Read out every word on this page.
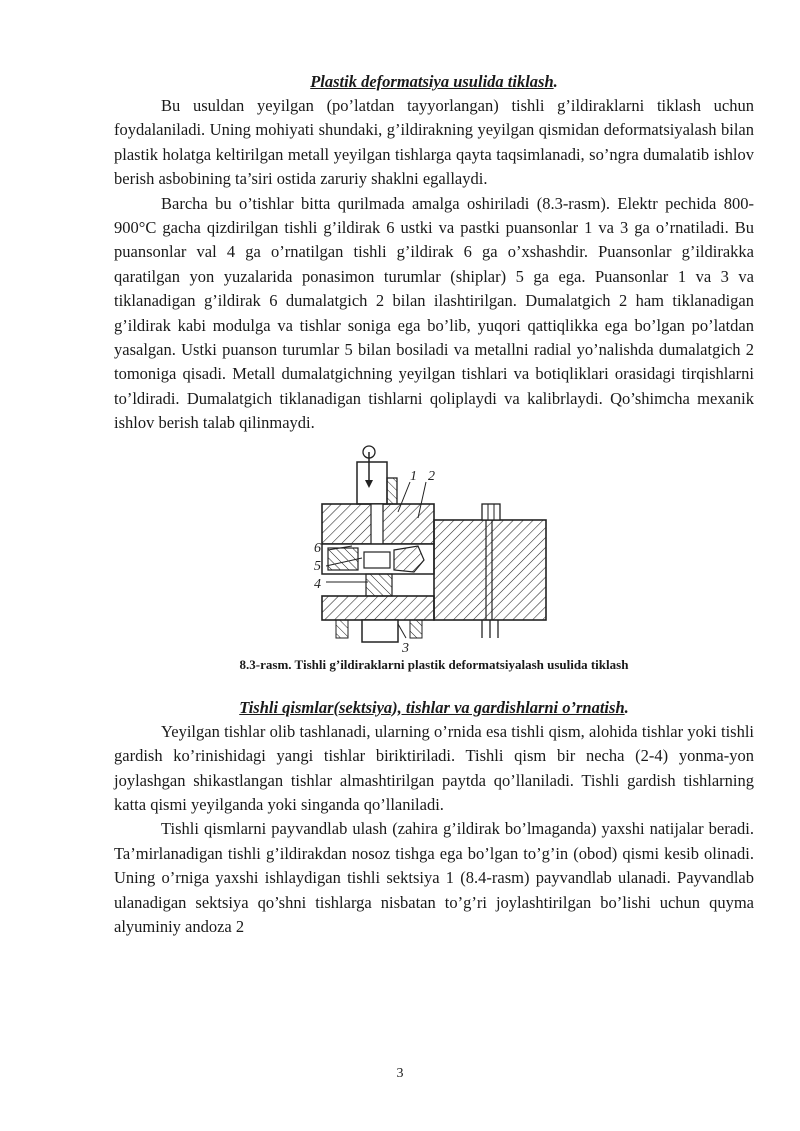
Plastik deformatsiya usulida tiklash.

Bu usuldan yeyilgan (po’latdan tayyorlangan) tishli g’ildiraklarni tiklash uchun foydalaniladi. Uning mohiyati shundaki, g’ildirakning yeyilgan qismidan deformatsiyalash bilan plastik holatga keltirilgan metall yeyilgan tishlarga qayta taqsimlanadi, so’ngra dumalatib ishlov berish asbobining ta’siri ostida zaruriy shaklni egallaydi.

Barcha bu o’tishlar bitta qurilmada amalga oshiriladi (8.3-rasm). Elektr pechida 800-900°C gacha qizdirilgan tishli g’ildirak 6 ustki va pastki puansonlar 1 va 3 ga o’rnatiladi. Bu puansonlar val 4 ga o’rnatilgan tishli g’ildirak 6 ga o’xshashdir. Puansonlar g’ildirakka qaratilgan yon yuzalarida ponasimon turumlar (shiplar) 5 ga ega. Puansonlar 1 va 3 va tiklanadigan g’ildirak 6 dumalatgich 2 bilan ilashtirilgan. Dumalatgich 2 ham tiklanadigan g’ildirak kabi modulga va tishlar soniga ega bo’lib, yuqori qattiqlikka ega bo’lgan po’latdan yasalgan. Ustki puanson turumlar 5 bilan bosiladi va metallni radial yo’nalishda dumalatgich 2 tomoniga qisadi. Metall dumalatgichning yeyilgan tishlari va botiqliklari orasidagi tirqishlarni to’ldiradi. Dumalatgich tiklanadigan tishlarni qoliplaydi va kalibrlaydi. Qo’shimcha mexanik ishlov berish talab qilinmaydi.

1 2
6
5
4
3
8.3-rasm. Tishli g’ildiraklarni plastik deformatsiyalash usulida tiklash
Tishli qismlar(sektsiya), tishlar va gardishlarni o’rnatish.

Yeyilgan tishlar olib tashlanadi, ularning o’rnida esa tishli qism, alohida tishlar yoki tishli gardish ko’rinishidagi yangi tishlar biriktiriladi. Tishli qism bir necha (2-4) yonma-yon joylashgan shikastlangan tishlar almashtirilgan paytda qo’llaniladi. Tishli gardish tishlarning katta qismi yeyilganda yoki singanda qo’llaniladi.

Tishli qismlarni payvandlab ulash (zahira g’ildirak bo’lmaganda) yaxshi natijalar beradi. Ta’mirlanadigan tishli g’ildirakdan nosoz tishga ega bo’lgan to’g’in (obod) qismi kesib olinadi. Uning o’rniga yaxshi ishlaydigan tishli sektsiya 1 (8.4-rasm) payvandlab ulanadi. Payvandlab ulanadigan sektsiya qo’shni tishlarga nisbatan to’g’ri joylashtirilgan bo’lishi uchun quyma alyuminiy andoza 2

3
